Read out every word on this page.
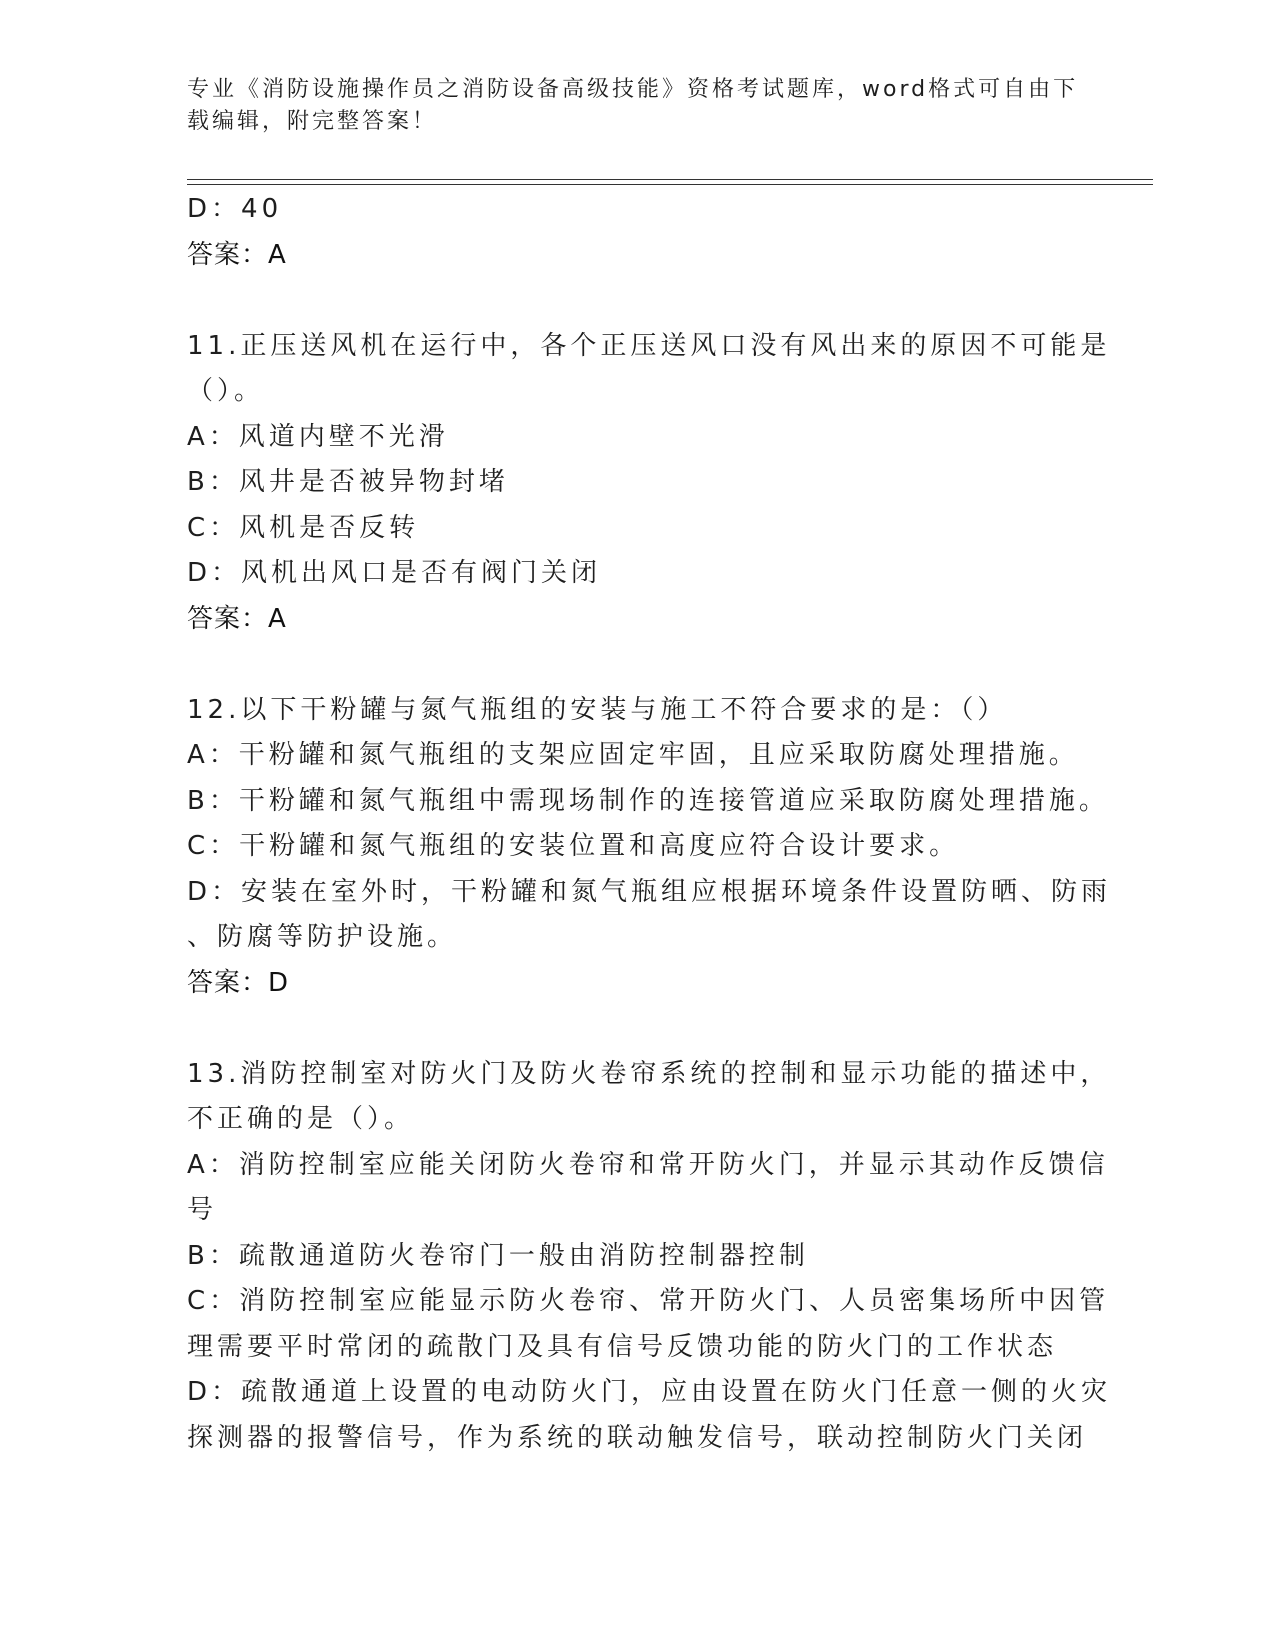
专业《消防设施操作员之消防设备高级技能》资格考试题库，word格式可自由下
载编辑，附完整答案！
D：40
答案：A
11.正压送风机在运行中，各个正压送风口没有风出来的原因不可能是
（）。
A：风道内壁不光滑
B：风井是否被异物封堵
C：风机是否反转
D：风机出风口是否有阀门关闭
答案：A
12.以下干粉罐与氮气瓶组的安装与施工不符合要求的是：（）
A：干粉罐和氮气瓶组的支架应固定牢固，且应采取防腐处理措施。
B：干粉罐和氮气瓶组中需现场制作的连接管道应采取防腐处理措施。
C：干粉罐和氮气瓶组的安装位置和高度应符合设计要求。
D：安装在室外时，干粉罐和氮气瓶组应根据环境条件设置防晒、防雨
、防腐等防护设施。
答案：D
13.消防控制室对防火门及防火卷帘系统的控制和显示功能的描述中，
不正确的是（）。
A：消防控制室应能关闭防火卷帘和常开防火门，并显示其动作反馈信
号
B：疏散通道防火卷帘门一般由消防控制器控制
C：消防控制室应能显示防火卷帘、常开防火门、人员密集场所中因管
理需要平时常闭的疏散门及具有信号反馈功能的防火门的工作状态
D：疏散通道上设置的电动防火门，应由设置在防火门任意一侧的火灾
探测器的报警信号，作为系统的联动触发信号，联动控制防火门关闭
